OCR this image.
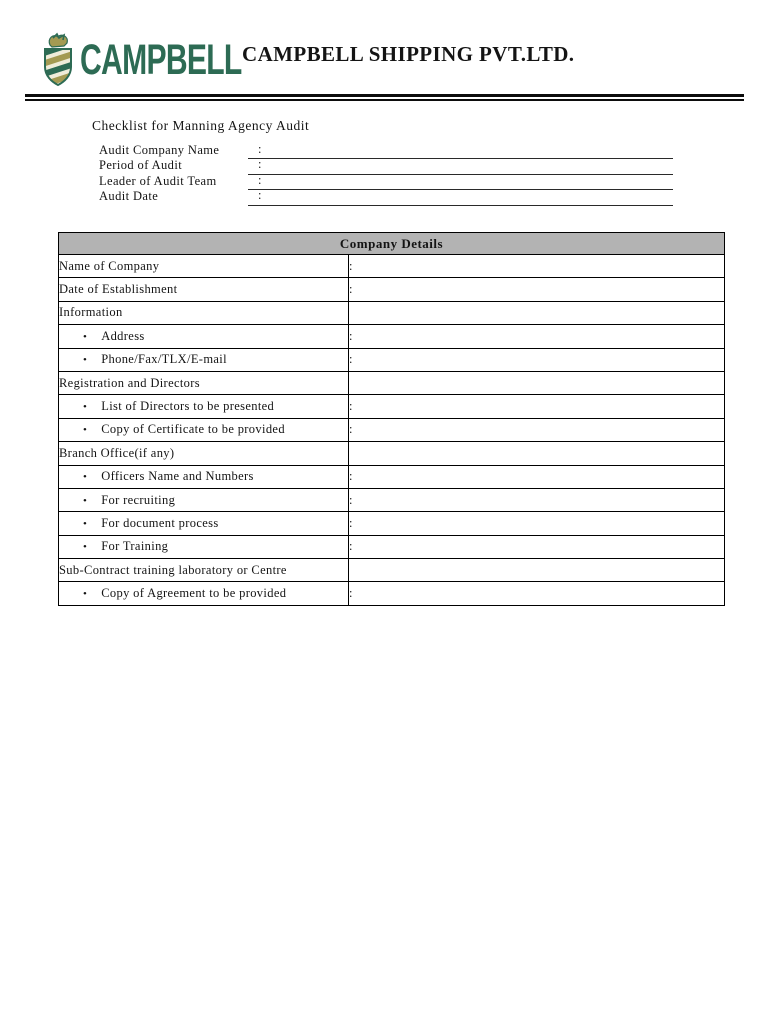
CAMPBELL CAMPBELL SHIPPING PVT.LTD.
Checklist for Manning Agency Audit
Audit Company Name	:
Period of Audit	:
Leader of Audit Team	:
Audit Date	:
Company Details	
Name of Company	:
Date of Establishment	:
Information	
• Address	:
• Phone/Fax/TLX/E-mail	:
Registration and Directors	
• List of Directors to be presented	:
• Copy of Certificate to be provided	:
Branch Office(if any)	
• Officers Name and Numbers	:
• For recruiting	:
• For document process	:
• For Training	:
Sub-Contract training laboratory or Centre	
• Copy of Agreement to be provided	:
